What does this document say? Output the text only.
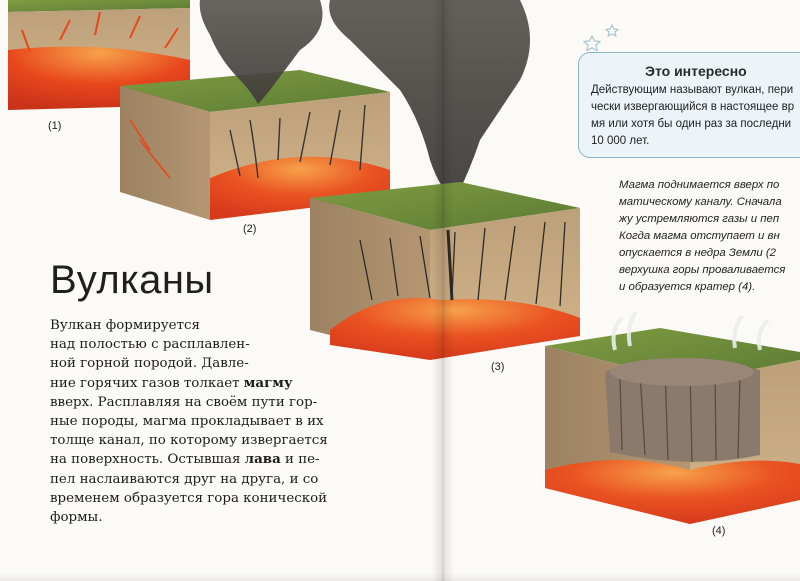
(1)
(2)
(3)
(4)
Вулканы
Вулкан формируется
над полостью с расплавлен-
ной горной породой. Давле-
ние горячих газов толкает магму
вверх. Расплавляя на своём пути гор-
ные породы, магма прокладывает в их
толще канал, по которому извергается
на поверхность. Остывшая лава и пе-
пел наслаиваются друг на друга, и со
временем образуется гора конической
формы.
Это интересно
Действующим называют вулкан, пери
чески извергающийся в настоящее вр
мя или хотя бы один раз за последни
10 000 лет.
Магма поднимается вверх по
матическому каналу. Сначала
жу устремляются газы и пеп
Когда магма отступает и вн
опускается в недра Земли (2
верхушка горы проваливается
и образуется кратер (4).
